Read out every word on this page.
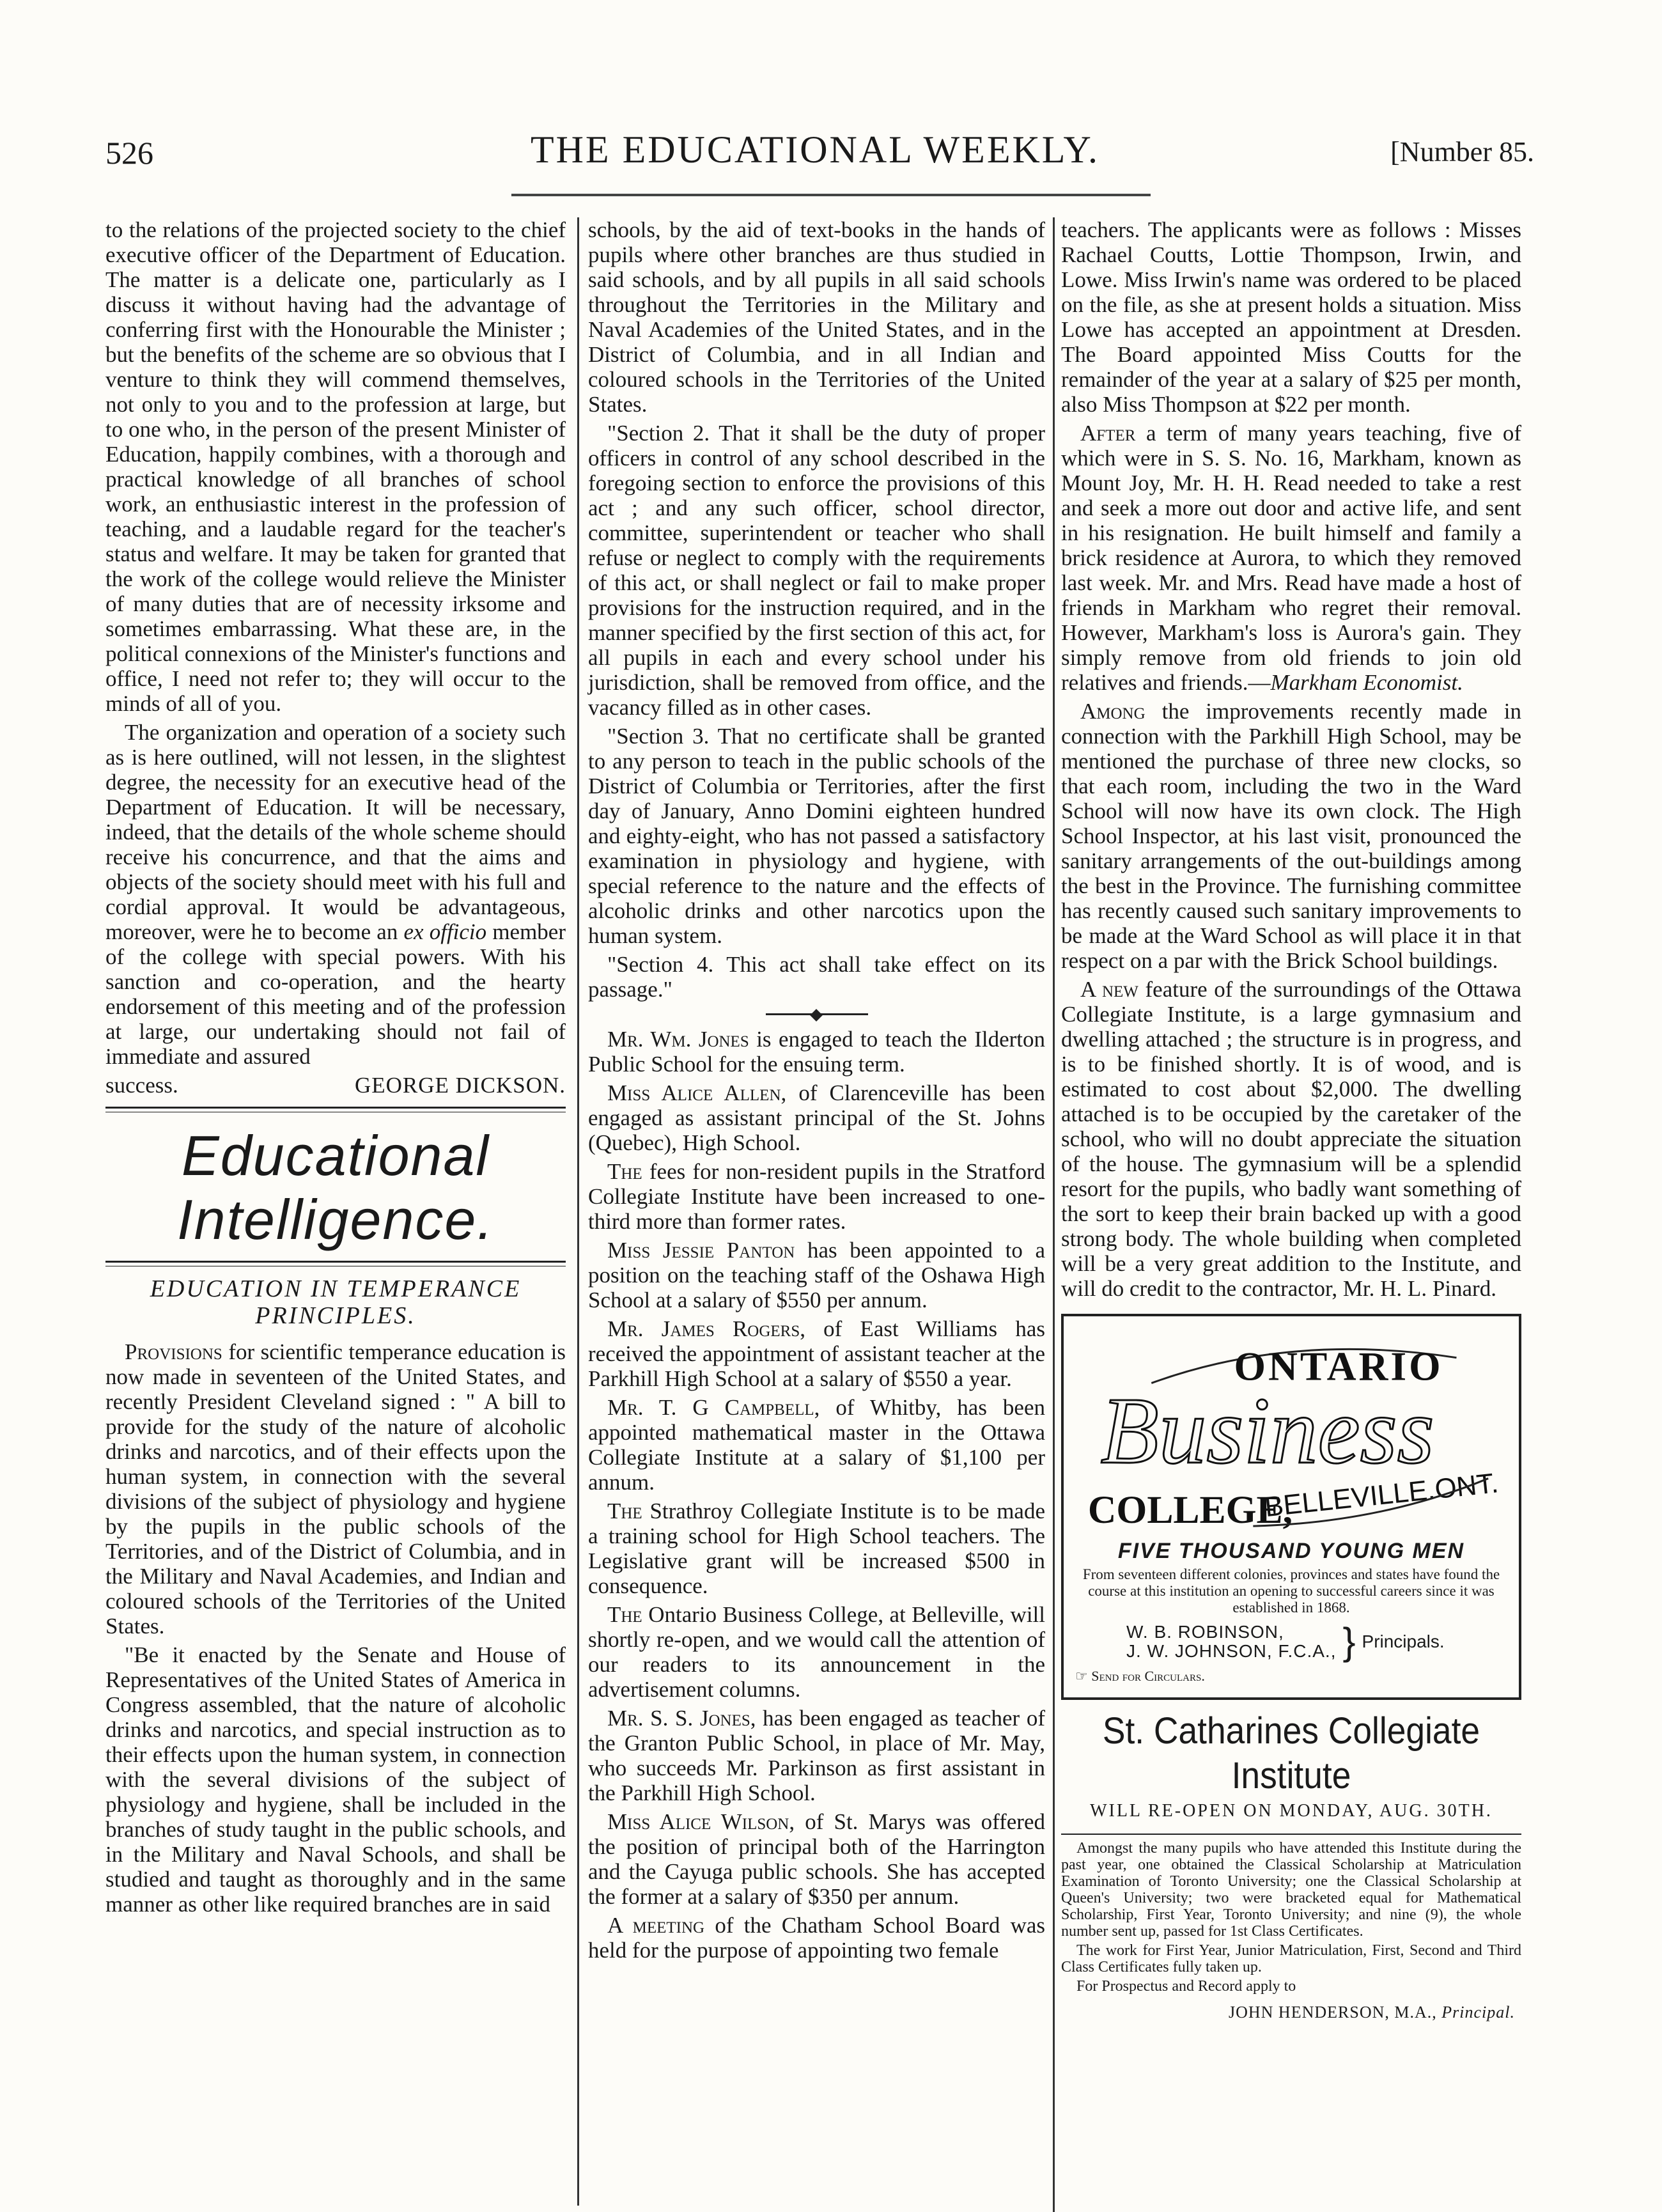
526	THE EDUCATIONAL WEEKLY.	[Number 85.

to the relations of the projected society to the chief executive officer of the Department of Education. The matter is a delicate one, particularly as I discuss it without having had the advantage of conferring first with the Honourable the Minister ; but the benefits of the scheme are so obvious that I venture to think they will commend themselves, not only to you and to the profession at large, but to one who, in the person of the present Minister of Education, happily combines, with a thorough and practical knowledge of all branches of school work, an enthusiastic interest in the profession of teaching, and a laudable regard for the teacher's status and welfare. It may be taken for granted that the work of the college would relieve the Minister of many duties that are of necessity irksome and sometimes embarrassing. What these are, in the political connexions of the Minister's functions and office, I need not refer to; they will occur to the minds of all of you.

The organization and operation of a society such as is here outlined, will not lessen, in the slightest degree, the necessity for an executive head of the Department of Education. It will be necessary, indeed, that the details of the whole scheme should receive his concurrence, and that the aims and objects of the society should meet with his full and cordial approval. It would be advantageous, moreover, were he to become an ex officio member of the college with special powers. With his sanction and co-operation, and the hearty endorsement of this meeting and of the profession at large, our undertaking should not fail of immediate and assured

success.	GEORGE DICKSON.
Educational Intelligence.
EDUCATION IN TEMPERANCE PRINCIPLES.

Provisions for scientific temperance education is now made in seventeen of the United States, and recently President Cleveland signed : " A bill to provide for the study of the nature of alcoholic drinks and narcotics, and of their effects upon the human system, in connection with the several divisions of the subject of physiology and hygiene by the pupils in the public schools of the Territories, and of the District of Columbia, and in the Military and Naval Academies, and Indian and coloured schools of the Territories of the United States.

"Be it enacted by the Senate and House of Representatives of the United States of America in Congress assembled, that the nature of alcoholic drinks and narcotics, and special instruction as to their effects upon the human system, in connection with the several divisions of the subject of physiology and hygiene, shall be included in the branches of study taught in the public schools, and in the Military and Naval Schools, and shall be studied and taught as thoroughly and in the same manner as other like required branches are in said

schools, by the aid of text-books in the hands of pupils where other branches are thus studied in said schools, and by all pupils in all said schools throughout the Territories in the Military and Naval Academies of the United States, and in the District of Columbia, and in all Indian and coloured schools in the Territories of the United States.

"Section 2. That it shall be the duty of proper officers in control of any school described in the foregoing section to enforce the provisions of this act ; and any such officer, school director, committee, superintendent or teacher who shall refuse or neglect to comply with the requirements of this act, or shall neglect or fail to make proper provisions for the instruction required, and in the manner specified by the first section of this act, for all pupils in each and every school under his jurisdiction, shall be removed from office, and the vacancy filled as in other cases.

"Section 3. That no certificate shall be granted to any person to teach in the public schools of the District of Columbia or Territories, after the first day of January, Anno Domini eighteen hundred and eighty-eight, who has not passed a satisfactory examination in physiology and hygiene, with special reference to the nature and the effects of alcoholic drinks and other narcotics upon the human system.

"Section 4. This act shall take effect on its passage."

Mr. Wm. Jones is engaged to teach the Ilderton Public School for the ensuing term.

Miss Alice Allen, of Clarenceville has been engaged as assistant principal of the St. Johns (Quebec), High School.

The fees for non-resident pupils in the Stratford Collegiate Institute have been increased to one-third more than former rates.

Miss Jessie Panton has been appointed to a position on the teaching staff of the Oshawa High School at a salary of $550 per annum.

Mr. James Rogers, of East Williams has received the appointment of assistant teacher at the Parkhill High School at a salary of $550 a year.

Mr. T. G Campbell, of Whitby, has been appointed mathematical master in the Ottawa Collegiate Institute at a salary of $1,100 per annum.

The Strathroy Collegiate Institute is to be made a training school for High School teachers. The Legislative grant will be increased $500 in consequence.

The Ontario Business College, at Belleville, will shortly re-open, and we would call the attention of our readers to its announcement in the advertisement columns.

Mr. S. S. Jones, has been engaged as teacher of the Granton Public School, in place of Mr. May, who succeeds Mr. Parkinson as first assistant in the Parkhill High School.

Miss Alice Wilson, of St. Marys was offered the position of principal both of the Harrington and the Cayuga public schools. She has accepted the former at a salary of $350 per annum.

A meeting of the Chatham School Board was held for the purpose of appointing two female

teachers. The applicants were as follows : Misses Rachael Coutts, Lottie Thompson, Irwin, and Lowe. Miss Irwin's name was ordered to be placed on the file, as she at present holds a situation. Miss Lowe has accepted an appointment at Dresden. The Board appointed Miss Coutts for the remainder of the year at a salary of $25 per month, also Miss Thompson at $22 per month.

After a term of many years teaching, five of which were in S. S. No. 16, Markham, known as Mount Joy, Mr. H. H. Read needed to take a rest and seek a more out door and active life, and sent in his resignation. He built himself and family a brick residence at Aurora, to which they removed last week. Mr. and Mrs. Read have made a host of friends in Markham who regret their removal. However, Markham's loss is Aurora's gain. They simply remove from old friends to join old relatives and friends.—Markham Economist.

Among the improvements recently made in connection with the Parkhill High School, may be mentioned the purchase of three new clocks, so that each room, including the two in the Ward School will now have its own clock. The High School Inspector, at his last visit, pronounced the sanitary arrangements of the out-buildings among the best in the Province. The furnishing committee has recently caused such sanitary improvements to be made at the Ward School as will place it in that respect on a par with the Brick School buildings.

A new feature of the surroundings of the Ottawa Collegiate Institute, is a large gymnasium and dwelling attached ; the structure is in progress, and is to be finished shortly. It is of wood, and is estimated to cost about $2,000. The dwelling attached is to be occupied by the caretaker of the school, who will no doubt appreciate the situation of the house. The gymnasium will be a splendid resort for the pupils, who badly want something of the sort to keep their brain backed up with a good strong body. The whole building when completed will be a very great addition to the Institute, and will do credit to the contractor, Mr. H. L. Pinard.

ONTARIO
Business
COLLEGE,
BELLEVILLE.ONT.
FIVE THOUSAND YOUNG MEN
From seventeen different colonies, provinces and states have found the course at this institution an opening to successful careers since it was established in 1868.
W. B. ROBINSON,
J. W. JOHNSON, F.C.A., } Principals.
☞ Send for Circulars.
St. Catharines Collegiate Institute
WILL RE-OPEN ON MONDAY, AUG. 30TH.

Amongst the many pupils who have attended this Institute during the past year, one obtained the Classical Scholarship at Matriculation Examination of Toronto University; one the Classical Scholarship at Queen's University; two were bracketed equal for Mathematical Scholarship, First Year, Toronto University; and nine (9), the whole number sent up, passed for 1st Class Certificates.

The work for First Year, Junior Matriculation, First, Second and Third Class Certificates fully taken up.

For Prospectus and Record apply to

JOHN HENDERSON, M.A., Principal.
